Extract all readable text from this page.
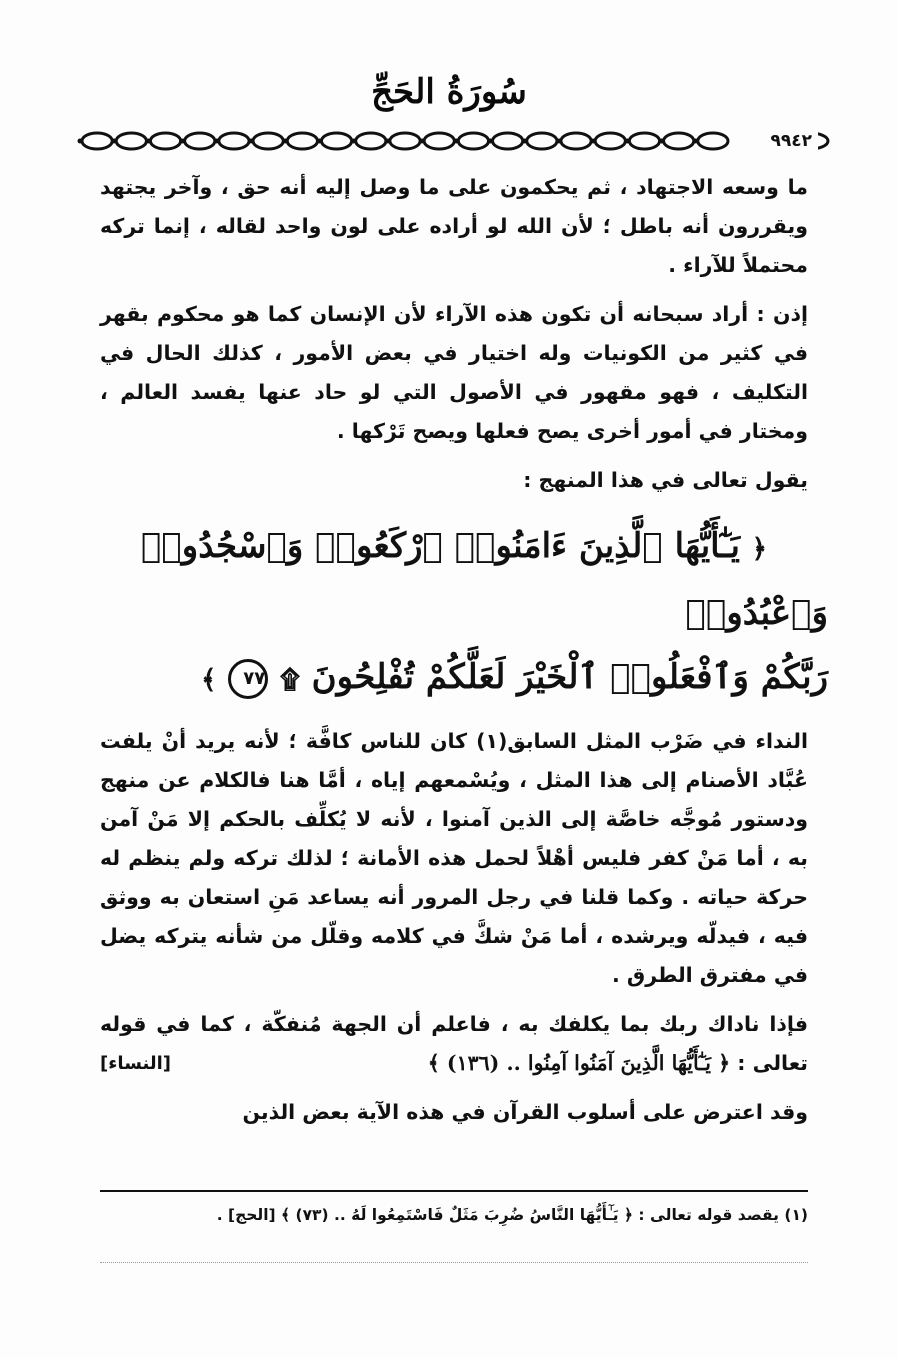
سُورَةُ الحَجِّ
٩٩٤٢

ما وسعه الاجتهاد ، ثم يحكمون على ما وصل إليه أنه حق ، وآخر يجتهد ويقررون أنه باطل ؛ لأن الله لو أراده على لون واحد لقاله ، إنما تركه محتملاً للآراء .

إذن : أراد سبحانه أن تكون هذه الآراء لأن الإنسان كما هو محكوم بقهر في كثير من الكونيات وله اختيار في بعض الأمور ، كذلك الحال في التكليف ، فهو مقهور في الأصول التي لو حاد عنها يفسد العالم ، ومختار في أمور أخرى يصح فعلها ويصح تَرْكها .

يقول تعالى في هذا المنهج :

﴿ يَـٰٓأَيُّهَا ٱلَّذِينَ ءَامَنُوا۟ ٱرْكَعُوا۟ وَٱسْجُدُوا۟ وَٱعْبُدُوا۟
رَبَّكُمْ وَٱفْعَلُوا۟ ٱلْخَيْرَ لَعَلَّكُمْ تُفْلِحُونَ ۩ ٧٧ ﴾

النداء في ضَرْب المثل السابق(١) كان للناس كافَّة ؛ لأنه يريد أنْ يلفت عُبَّاد الأصنام إلى هذا المثل ، ويُسْمعهم إياه ، أمَّا هنا فالكلام عن منهج ودستور مُوجَّه خاصَّة إلى الذين آمنوا ، لأنه لا يُكلِّف بالحكم إلا مَنْ آمن به ، أما مَنْ كفر فليس أهْلاً لحمل هذه الأمانة ؛ لذلك تركه ولم ينظم له حركة حياته . وكما قلنا في رجل المرور أنه يساعد مَنِ استعان به ووثق فيه ، فيدلّه ويرشده ، أما مَنْ شكَّ في كلامه وقلّل من شأنه يتركه يضل في مفترق الطرق .

فإذا ناداك ربك بما يكلفك به ، فاعلم أن الجهة مُنفكّة ، كما في قوله تعالى : ﴿ يَـٰٓأَيُّهَا الَّذِينَ آمَنُوا آمِنُوا .. (١٣٦) ﴾
[النساء]

وقد اعترض على أسلوب القرآن في هذه الآية بعض الذين

(١) يقصد قوله تعالى : ﴿ يَـٰٓأَيُّهَا النَّاسُ ضُرِبَ مَثَلٌ فَاسْتَمِعُوا لَهُ .. (٧٣) ﴾ [الحج] .
